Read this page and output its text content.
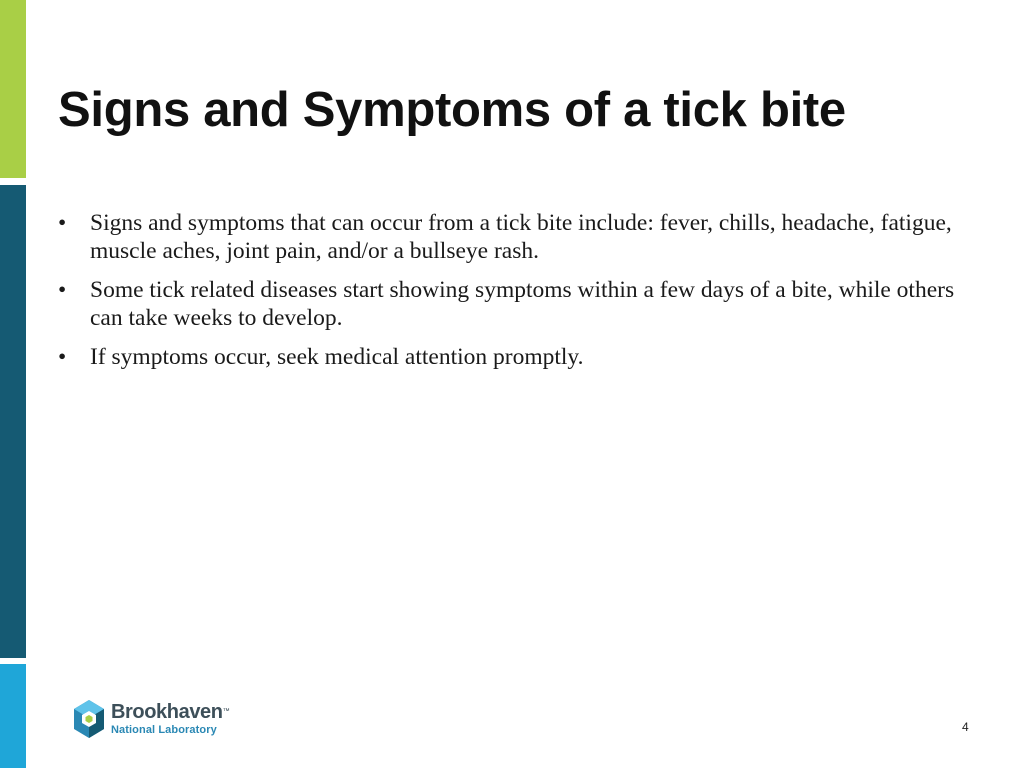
Signs and Symptoms of a tick bite
• Signs and symptoms that can occur from a tick bite include: fever, chills, headache, fatigue, muscle aches, joint pain, and/or a bullseye rash.
• Some tick related diseases start showing symptoms within a few days of a bite, while others can take weeks to develop.
• If symptoms occur, seek medical attention promptly.
Brookhaven™
National Laboratory	4
